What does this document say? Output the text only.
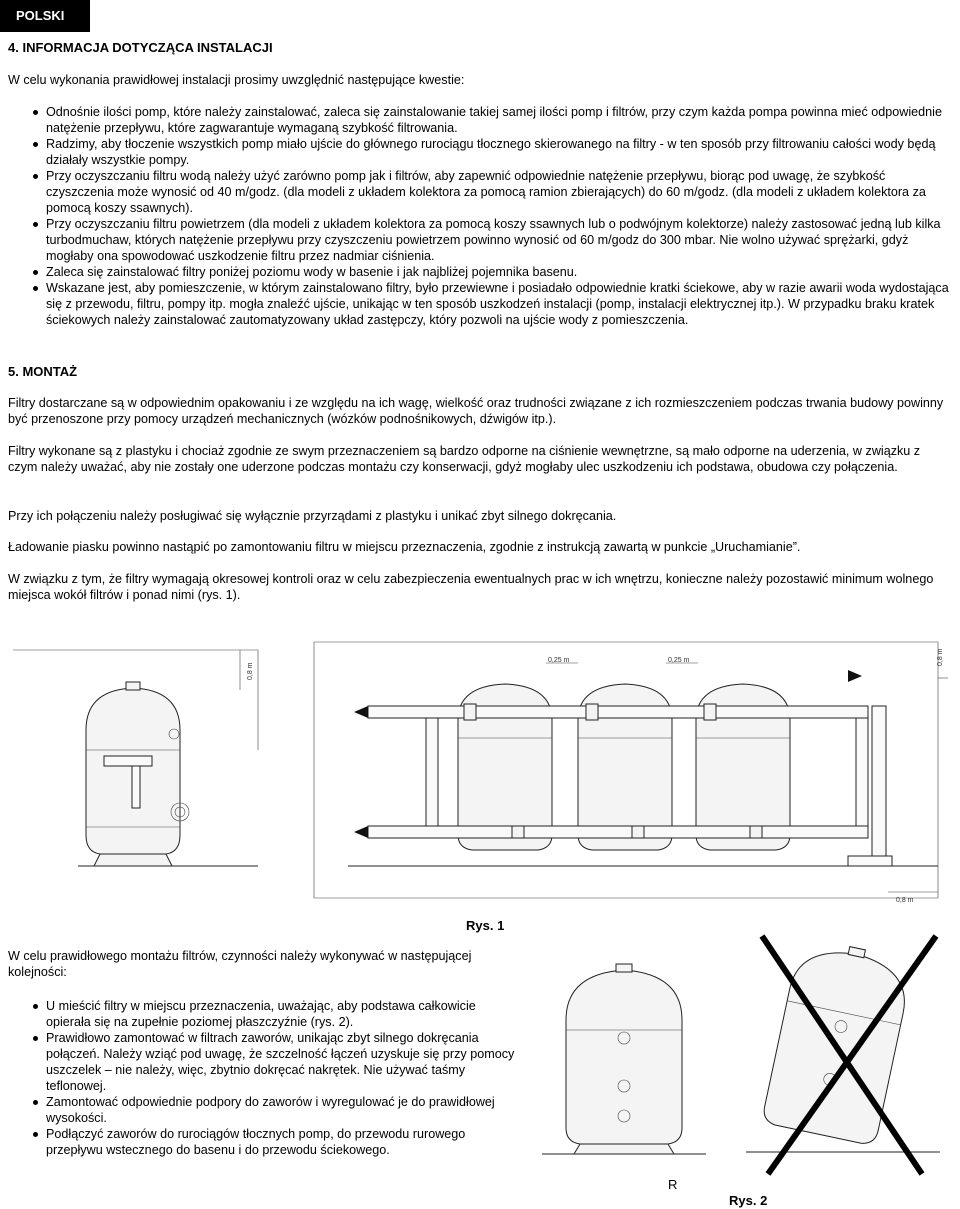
POLSKI
4. INFORMACJA DOTYCZĄCA INSTALACJI
W celu wykonania prawidłowej instalacji prosimy uwzględnić następujące kwestie:
Odnośnie ilości pomp, które należy zainstalować, zaleca się zainstalowanie takiej samej ilości pomp i filtrów, przy czym każda pompa powinna mieć odpowiednie natężenie przepływu, które zagwarantuje wymaganą szybkość filtrowania.
Radzimy, aby tłoczenie wszystkich pomp miało ujście do głównego rurociągu tłocznego skierowanego na filtry - w ten sposób przy filtrowaniu całości wody będą działały wszystkie pompy.
Przy oczyszczaniu filtru wodą należy użyć zarówno pomp jak i filtrów, aby zapewnić odpowiednie natężenie przepływu, biorąc pod uwagę, że szybkość czyszczenia może wynosić od 40 m/godz. (dla modeli z układem kolektora za pomocą ramion zbierających) do 60 m/godz. (dla modeli z układem kolektora za pomocą koszy ssawnych).
Przy oczyszczaniu filtru powietrzem (dla modeli z układem kolektora za pomocą koszy ssawnych lub o podwójnym kolektorze) należy zastosować jedną lub kilka turbodmuchaw, których natężenie przepływu przy czyszczeniu powietrzem powinno wynosić od 60 m/godz do 300 mbar. Nie wolno używać sprężarki, gdyż mogłaby ona spowodować uszkodzenie filtru przez nadmiar ciśnienia.
Zaleca się zainstalować filtry poniżej poziomu wody w basenie i jak najbliżej pojemnika basenu.
Wskazane jest, aby pomieszczenie, w którym zainstalowano filtry, było przewiewne i posiadało odpowiednie kratki ściekowe, aby w razie awarii woda wydostająca się z przewodu, filtru, pompy itp. mogła znaleźć ujście, unikając w ten sposób uszkodzeń instalacji (pomp, instalacji elektrycznej itp.). W przypadku braku kratek ściekowych należy zainstalować zautomatyzowany układ zastępczy, który pozwoli na ujście wody z pomieszczenia.
5. MONTAŻ
Filtry dostarczane są w odpowiednim opakowaniu i ze względu na ich wagę, wielkość oraz trudności związane z ich rozmieszczeniem podczas trwania budowy powinny być przenoszone przy pomocy urządzeń mechanicznych (wózków podnośnikowych, dźwigów itp.).
Filtry wykonane są z plastyku i chociaż zgodnie ze swym przeznaczeniem są bardzo odporne na ciśnienie wewnętrzne, są mało odporne na uderzenia, w związku z czym należy uważać, aby nie zostały one uderzone podczas montażu czy konserwacji, gdyż mogłaby ulec uszkodzeniu ich podstawa, obudowa czy połączenia.
Przy ich połączeniu należy posługiwać się wyłącznie przyrządami z plastyku i unikać zbyt silnego dokręcania.
Ładowanie piasku powinno nastąpić po zamontowaniu filtru w miejscu przeznaczenia, zgodnie z instrukcją zawartą w punkcie „Uruchamianie”.
W związku z tym, że filtry wymagają okresowej kontroli oraz w celu zabezpieczenia ewentualnych prac w ich wnętrzu, konieczne należy pozostawić minimum wolnego miejsca wokół filtrów i ponad nimi (rys. 1).
0,8 m
0,8 m
0,25 m	0,25 m
0,8 m
Rys. 1
W celu prawidłowego montażu filtrów, czynności należy wykonywać w następującej kolejności:
U mieścić filtry w miejscu przeznaczenia, uważając, aby podstawa całkowicie opierała się na zupełnie poziomej płaszczyźnie (rys. 2).
Prawidłowo zamontować w filtrach zaworów, unikając zbyt silnego dokręcania połączeń. Należy wziąć pod uwagę, że szczelność łączeń uzyskuje się przy pomocy uszczelek – nie należy, więc, zbytnio dokręcać nakrętek. Nie używać taśmy teflonowej.
Zamontować odpowiednie podpory do zaworów i wyregulować je do prawidłowej wysokości.
Podłączyć zaworów do rurociągów tłocznych pomp, do przewodu rurowego przepływu wstecznego do basenu i do przewodu ściekowego.
R
Rys. 2
